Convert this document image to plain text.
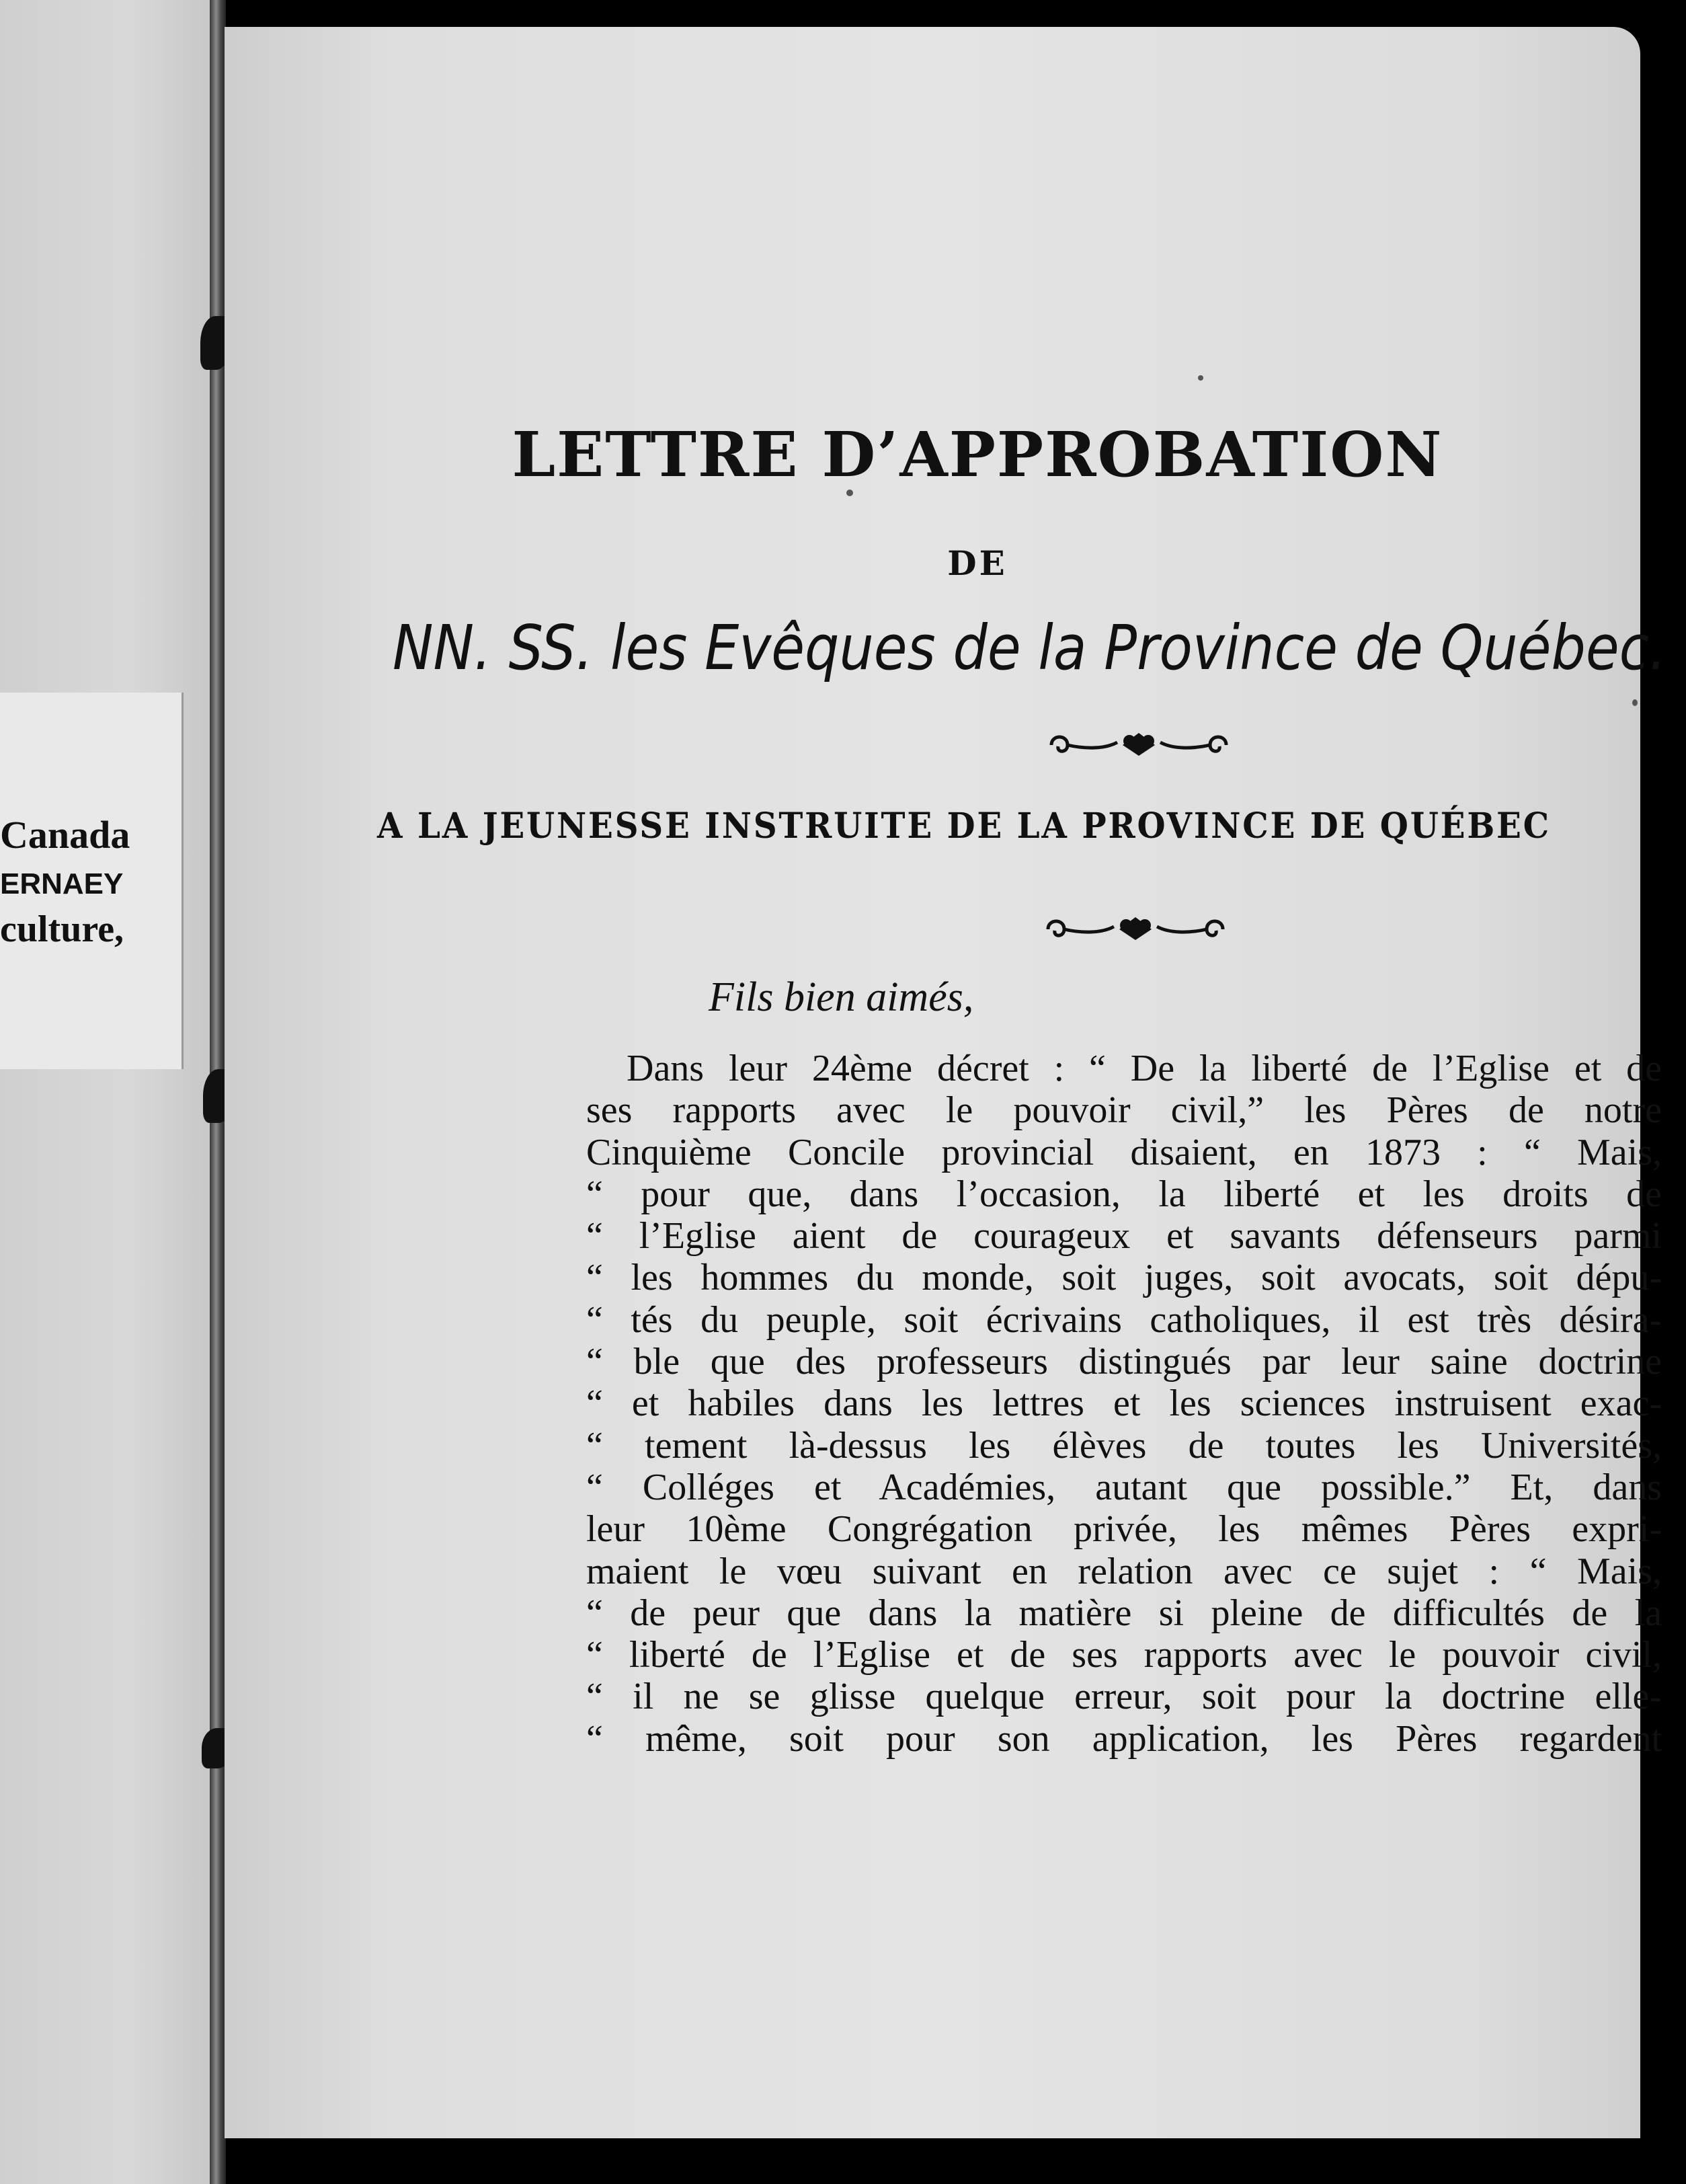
Canada
ERNAEY
culture,
LETTRE D’APPROBATION
DE
NN. SS. les Evêques de la Province de Québec.
A LA JEUNESSE INSTRUITE DE LA PROVINCE DE QUÉBEC
Fils bien aimés,
Dans leur 24ème décret : “ De la liberté de l’Eglise et de
ses rapports avec le pouvoir civil,” les Pères de notre
Cinquième Concile provincial disaient, en 1873 : “ Mais,
“ pour que, dans l’occasion, la liberté et les droits de
“ l’Eglise aient de courageux et savants défenseurs parmi
“ les hommes du monde, soit juges, soit avocats, soit dépu-
“ tés du peuple, soit écrivains catholiques, il est très désira-
“ ble que des professeurs distingués par leur saine doctrine
“ et habiles dans les lettres et les sciences instruisent exac-
“ tement là-dessus les élèves de toutes les Universités,
“ Colléges et Académies, autant que possible.” Et, dans
leur 10ème Congrégation privée, les mêmes Pères expri-
maient le vœu suivant en relation avec ce sujet : “ Mais,
“ de peur que dans la matière si pleine de difficultés de la
“ liberté de l’Eglise et de ses rapports avec le pouvoir civil,
“ il ne se glisse quelque erreur, soit pour la doctrine elle-
“ même, soit pour son application, les Pères regardent
